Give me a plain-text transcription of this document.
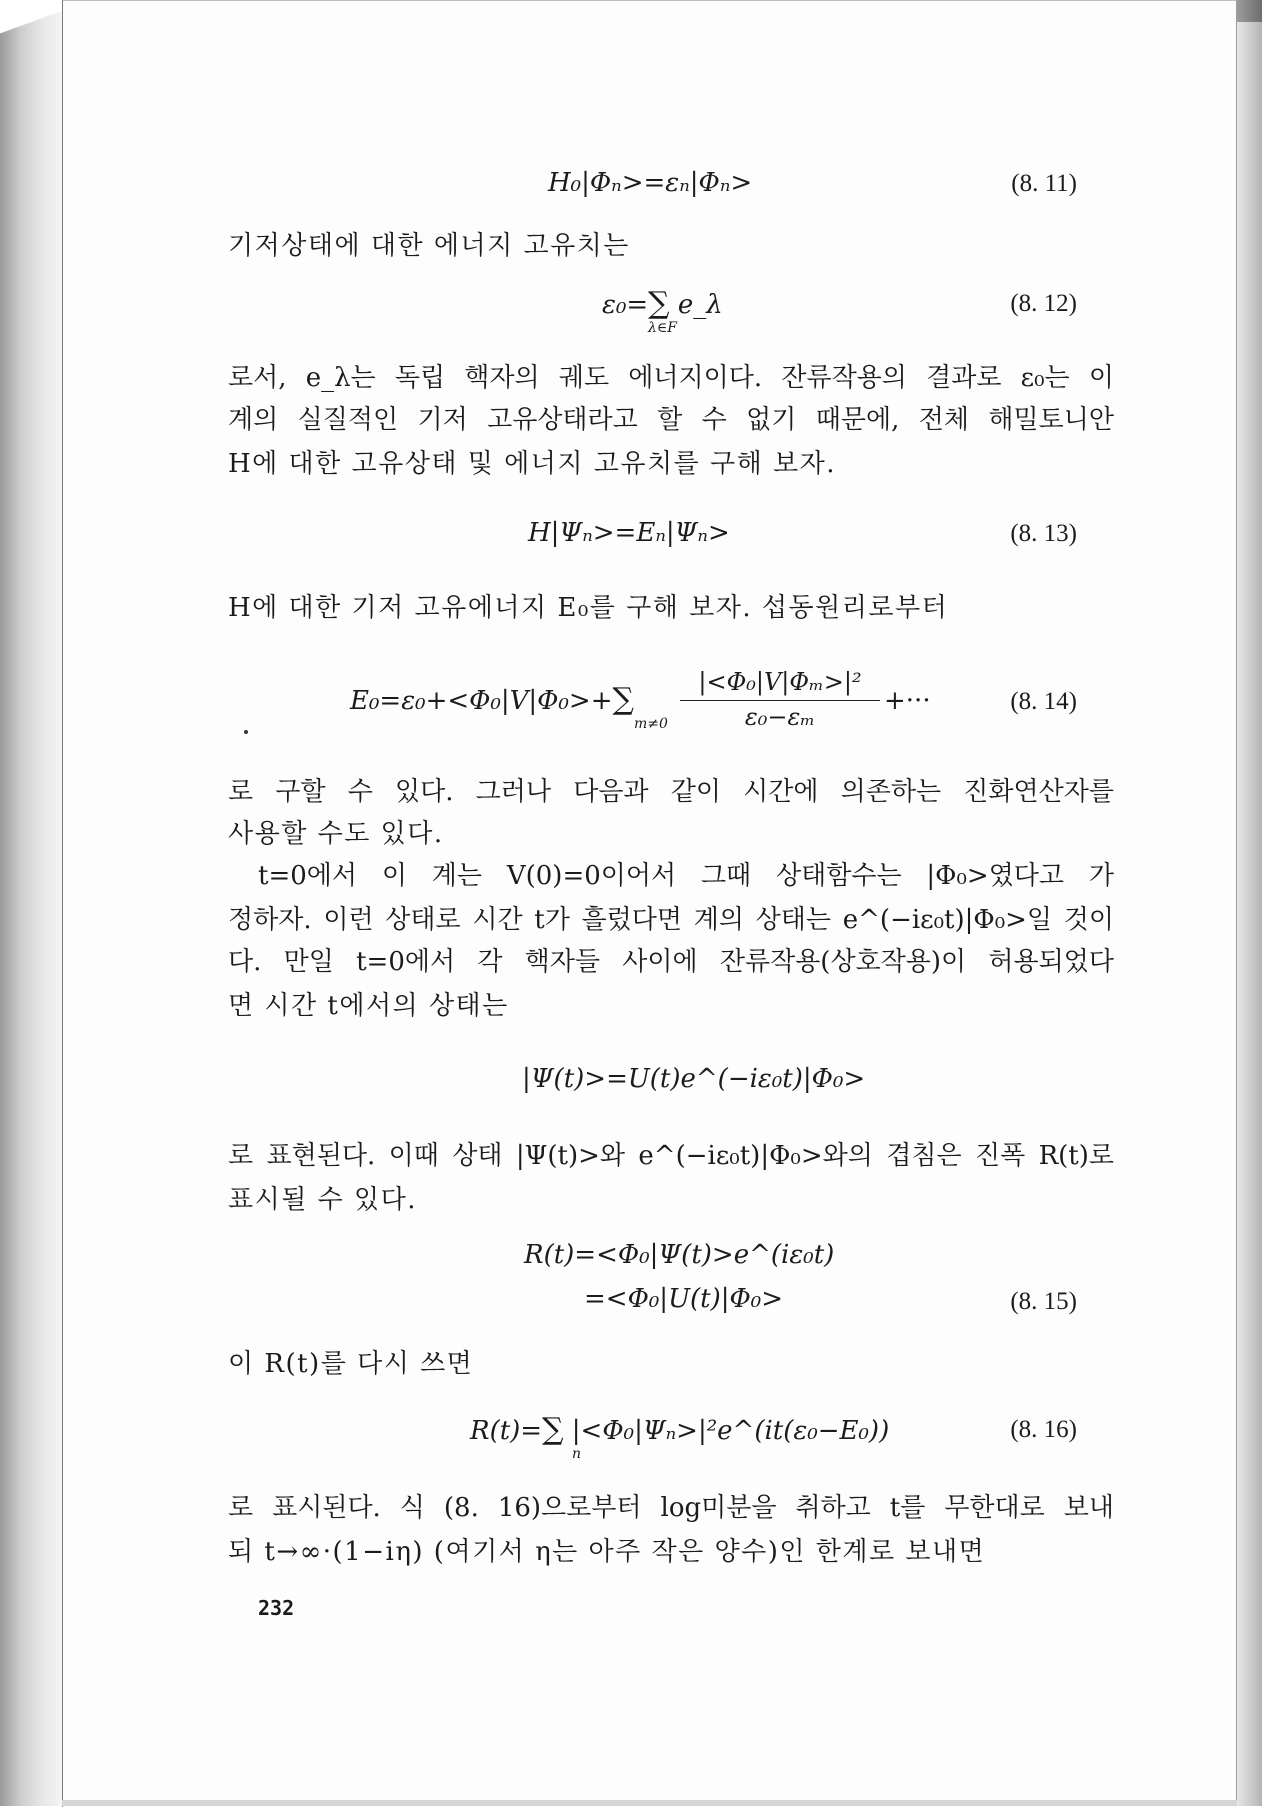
H₀|Φₙ>=εₙ|Φₙ>	(8. 11)
기저상태에 대한 에너지 고유치는
ε₀=∑ e_λ
λ∈F
(8. 12)
로서, e_λ는 독립 핵자의 궤도 에너지이다. 잔류작용의 결과로 ε₀는 이
계의 실질적인 기저 고유상태라고 할 수 없기 때문에, 전체 해밀토니안
H에 대한 고유상태 및 에너지 고유치를 구해 보자.
H|Ψₙ>=Eₙ|Ψₙ>	(8. 13)
H에 대한 기저 고유에너지 E₀를 구해 보자. 섭동원리로부터
E₀=ε₀+<Φ₀|V|Φ₀>+∑
m≠0
|<Φ₀|V|Φₘ>|²
ε₀−εₘ
+···	(8. 14)
로 구할 수 있다. 그러나 다음과 같이 시간에 의존하는 진화연산자를
사용할 수도 있다.
t=0에서 이 계는 V(0)=0이어서 그때 상태함수는 |Φ₀>였다고 가
정하자. 이런 상태로 시간 t가 흘렀다면 계의 상태는 e^(−iε₀t)|Φ₀>일 것이
다. 만일 t=0에서 각 핵자들 사이에 잔류작용(상호작용)이 허용되었다
면 시간 t에서의 상태는
|Ψ(t)>=U(t)e^(−iε₀t)|Φ₀>
로 표현된다. 이때 상태 |Ψ(t)>와 e^(−iε₀t)|Φ₀>와의 겹침은 진폭 R(t)로
표시될 수 있다.
R(t)=<Φ₀|Ψ(t)>e^(iε₀t)
=<Φ₀|U(t)|Φ₀>	(8. 15)
이 R(t)를 다시 쓰면
R(t)=∑ |<Φ₀|Ψₙ>|²e^(it(ε₀−E₀))
n
(8. 16)
로 표시된다. 식 (8. 16)으로부터 log미분을 취하고 t를 무한대로 보내
되 t→∞·(1−iη) (여기서 η는 아주 작은 양수)인 한계로 보내면
232
